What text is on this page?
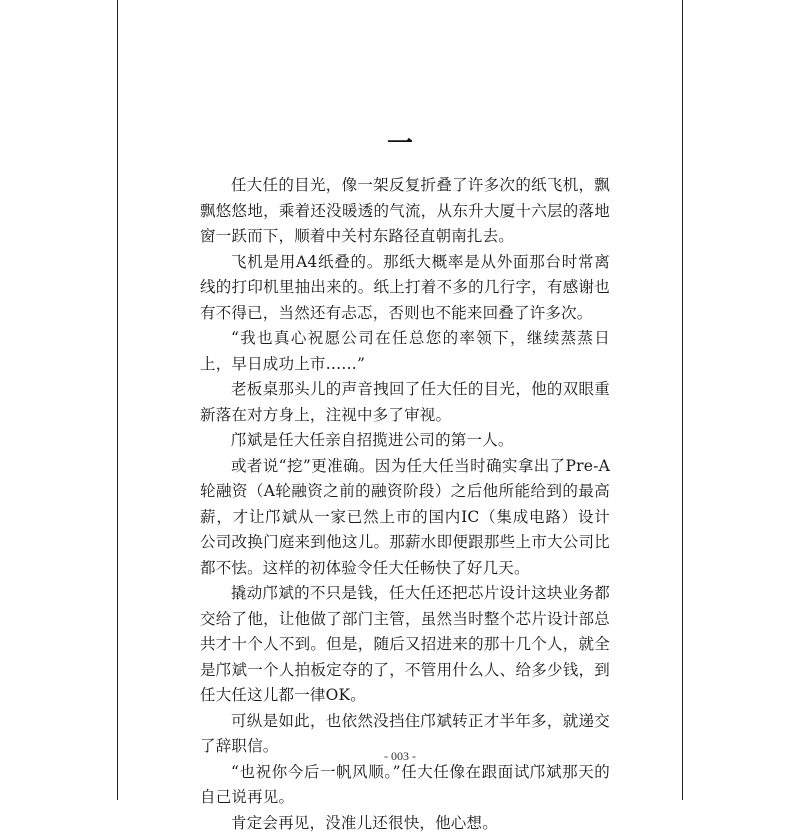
一

任大任的目光，像一架反复折叠了许多次的纸飞机，飘飘悠悠地，乘着还没暖透的气流，从东升大厦十六层的落地窗一跃而下，顺着中关村东路径直朝南扎去。

飞机是用A4纸叠的。那纸大概率是从外面那台时常离线的打印机里抽出来的。纸上打着不多的几行字，有感谢也有不得已，当然还有忐忑，否则也不能来回叠了许多次。

“我也真心祝愿公司在任总您的率领下，继续蒸蒸日上，早日成功上市……”

老板桌那头儿的声音拽回了任大任的目光，他的双眼重新落在对方身上，注视中多了审视。

邝斌是任大任亲自招揽进公司的第一人。

或者说“挖”更准确。因为任大任当时确实拿出了Pre-A轮融资（A轮融资之前的融资阶段）之后他所能给到的最高薪，才让邝斌从一家已然上市的国内IC（集成电路）设计公司改换门庭来到他这儿。那薪水即便跟那些上市大公司比都不怯。这样的初体验令任大任畅快了好几天。

撬动邝斌的不只是钱，任大任还把芯片设计这块业务都交给了他，让他做了部门主管，虽然当时整个芯片设计部总共才十个人不到。但是，随后又招进来的那十几个人，就全是邝斌一个人拍板定夺的了，不管用什么人、给多少钱，到任大任这儿都一律OK。

可纵是如此，也依然没挡住邝斌转正才半年多，就递交了辞职信。

“也祝你今后一帆风顺。”任大任像在跟面试邝斌那天的自己说再见。

肯定会再见，没准儿还很快，他心想。

- 003 -
